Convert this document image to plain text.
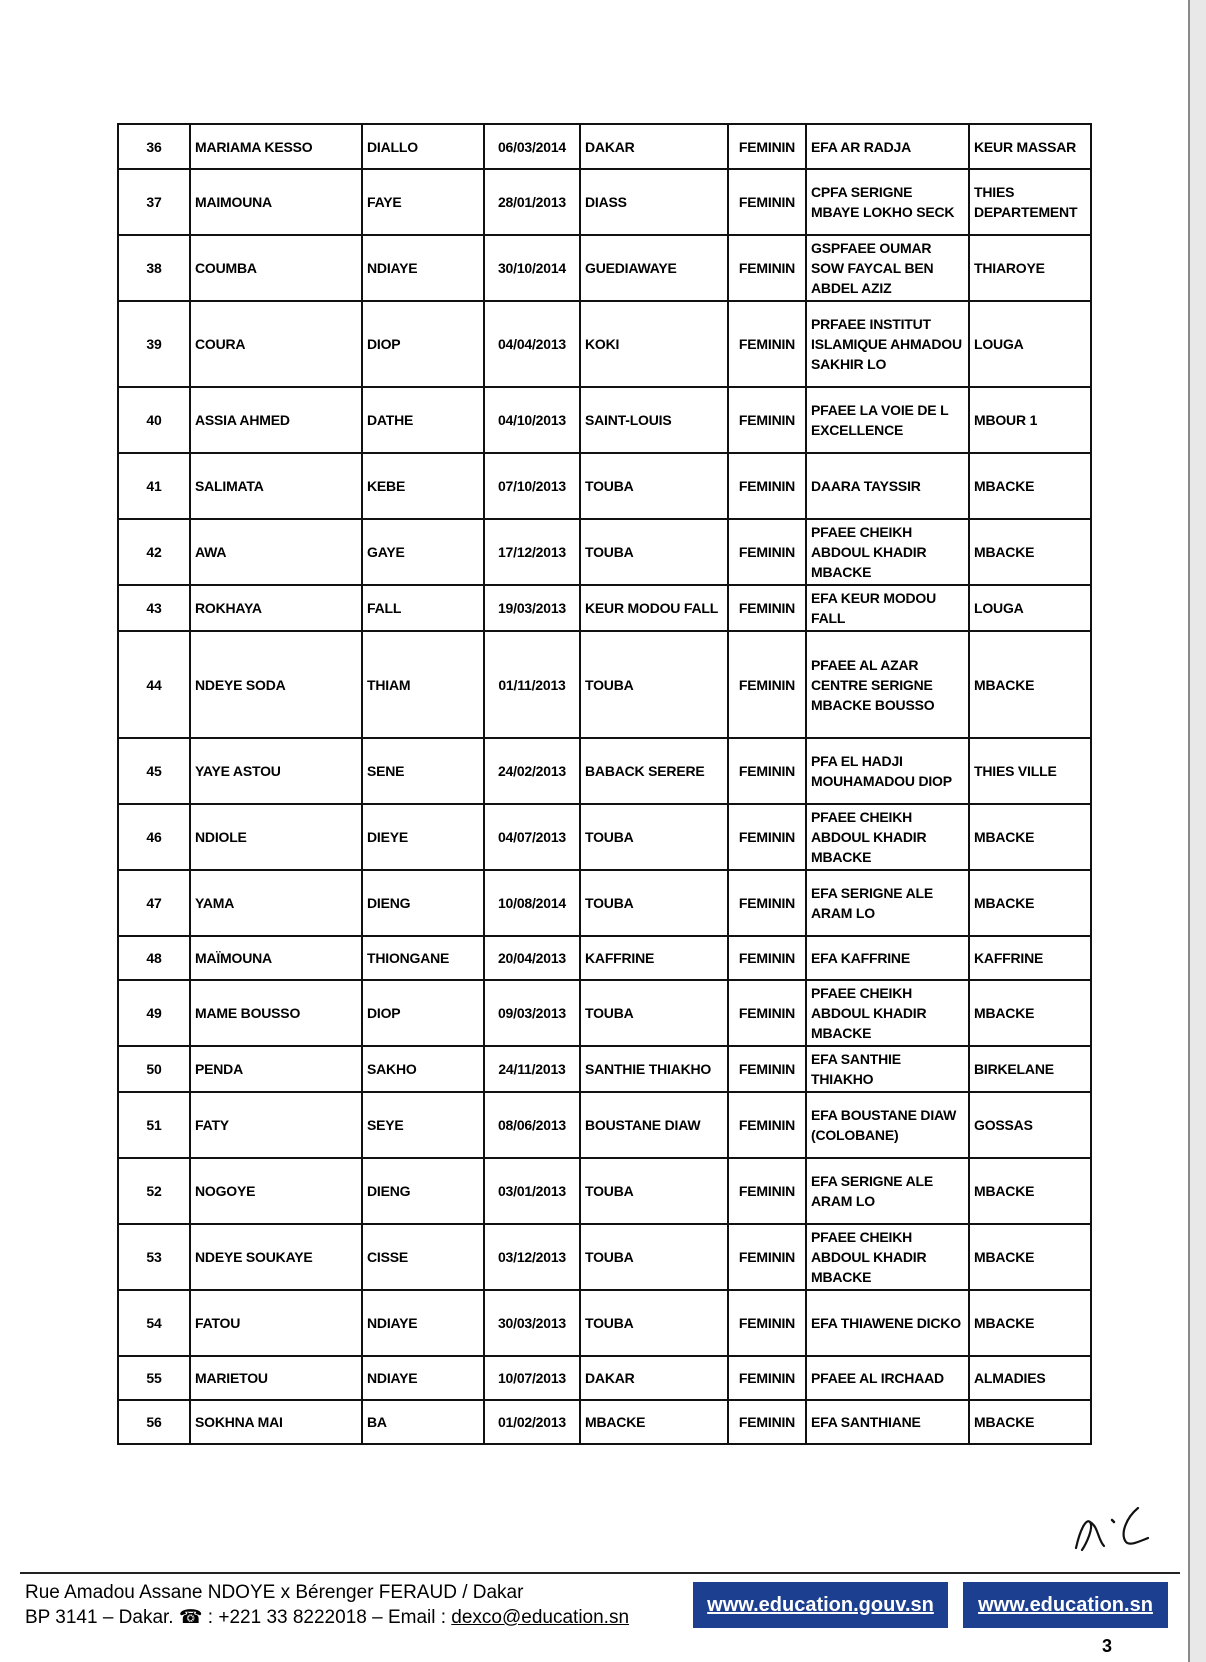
36	MARIAMA KESSO	DIALLO	06/03/2014	DAKAR	FEMININ	EFA AR RADJA	KEUR MASSAR
37	MAIMOUNA	FAYE	28/01/2013	DIASS	FEMININ	CPFA SERIGNE MBAYE LOKHO SECK	THIES DEPARTEMENT
38	COUMBA	NDIAYE	30/10/2014	GUEDIAWAYE	FEMININ	GSPFAEE OUMAR SOW FAYCAL BEN ABDEL AZIZ	THIAROYE
39	COURA	DIOP	04/04/2013	KOKI	FEMININ	PRFAEE INSTITUT ISLAMIQUE AHMADOU SAKHIR LO	LOUGA
40	ASSIA AHMED	DATHE	04/10/2013	SAINT-LOUIS	FEMININ	PFAEE LA VOIE DE L EXCELLENCE	MBOUR 1
41	SALIMATA	KEBE	07/10/2013	TOUBA	FEMININ	DAARA TAYSSIR	MBACKE
42	AWA	GAYE	17/12/2013	TOUBA	FEMININ	PFAEE CHEIKH ABDOUL KHADIR MBACKE	MBACKE
43	ROKHAYA	FALL	19/03/2013	KEUR MODOU FALL	FEMININ	EFA KEUR MODOU FALL	LOUGA
44	NDEYE SODA	THIAM	01/11/2013	TOUBA	FEMININ	PFAEE AL AZAR CENTRE SERIGNE MBACKE BOUSSO	MBACKE
45	YAYE ASTOU	SENE	24/02/2013	BABACK SERERE	FEMININ	PFA EL HADJI MOUHAMADOU DIOP	THIES VILLE
46	NDIOLE	DIEYE	04/07/2013	TOUBA	FEMININ	PFAEE CHEIKH ABDOUL KHADIR MBACKE	MBACKE
47	YAMA	DIENG	10/08/2014	TOUBA	FEMININ	EFA SERIGNE ALE ARAM LO	MBACKE
48	MAÏMOUNA	THIONGANE	20/04/2013	KAFFRINE	FEMININ	EFA KAFFRINE	KAFFRINE
49	MAME BOUSSO	DIOP	09/03/2013	TOUBA	FEMININ	PFAEE CHEIKH ABDOUL KHADIR MBACKE	MBACKE
50	PENDA	SAKHO	24/11/2013	SANTHIE THIAKHO	FEMININ	EFA SANTHIE THIAKHO	BIRKELANE
51	FATY	SEYE	08/06/2013	BOUSTANE DIAW	FEMININ	EFA BOUSTANE DIAW (COLOBANE)	GOSSAS
52	NOGOYE	DIENG	03/01/2013	TOUBA	FEMININ	EFA SERIGNE ALE ARAM LO	MBACKE
53	NDEYE SOUKAYE	CISSE	03/12/2013	TOUBA	FEMININ	PFAEE CHEIKH ABDOUL KHADIR MBACKE	MBACKE
54	FATOU	NDIAYE	30/03/2013	TOUBA	FEMININ	EFA THIAWENE DICKO	MBACKE
55	MARIETOU	NDIAYE	10/07/2013	DAKAR	FEMININ	PFAEE AL IRCHAAD	ALMADIES
56	SOKHNA MAI	BA	01/02/2013	MBACKE	FEMININ	EFA SANTHIANE	MBACKE
Rue Amadou Assane NDOYE x Bérenger FERAUD / Dakar
BP 3141 – Dakar. ☎ : +221 33 8222018 – Email : dexco@education.sn
www.education.gouv.sn	www.education.sn
3
